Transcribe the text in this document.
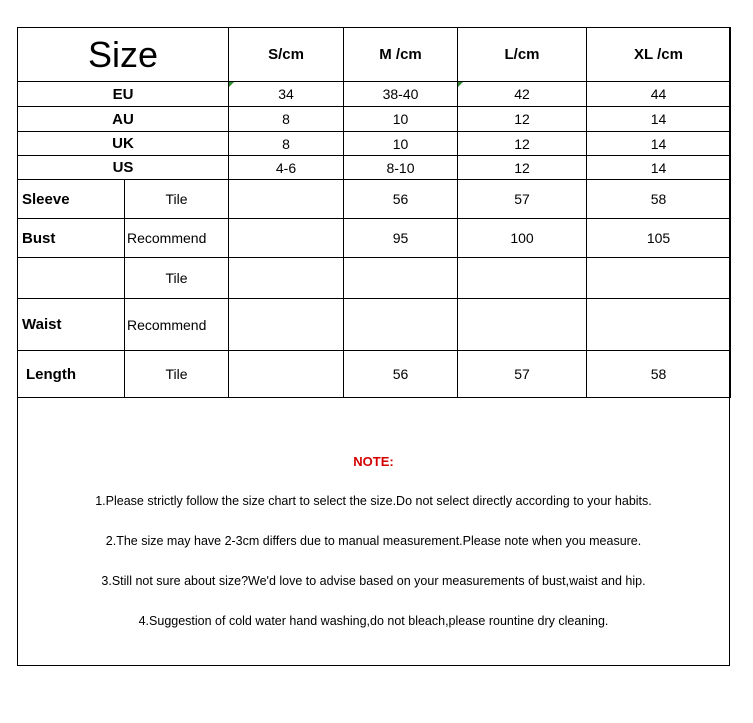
Size		S/cm	M /cm	L/cm	XL /cm
EU		34	38-40	42	44
AU		8	10	12	14
UK		8	10	12	14
US		4-6	8-10	12	14
Sleeve	Tile		56	57	58
Bust	Recommend		95	100	105
	Tile				
Waist	Recommend				
Length	Tile		56	57	58
NOTE:
1.Please strictly follow the size chart to select the size.Do not select directly according to your habits.
2.The size may have 2-3cm differs due to manual measurement.Please note when you measure.
3.Still not sure about size?We'd love to advise based on your measurements of bust,waist and hip.
4.Suggestion of cold water hand washing,do not bleach,please rountine dry cleaning.
